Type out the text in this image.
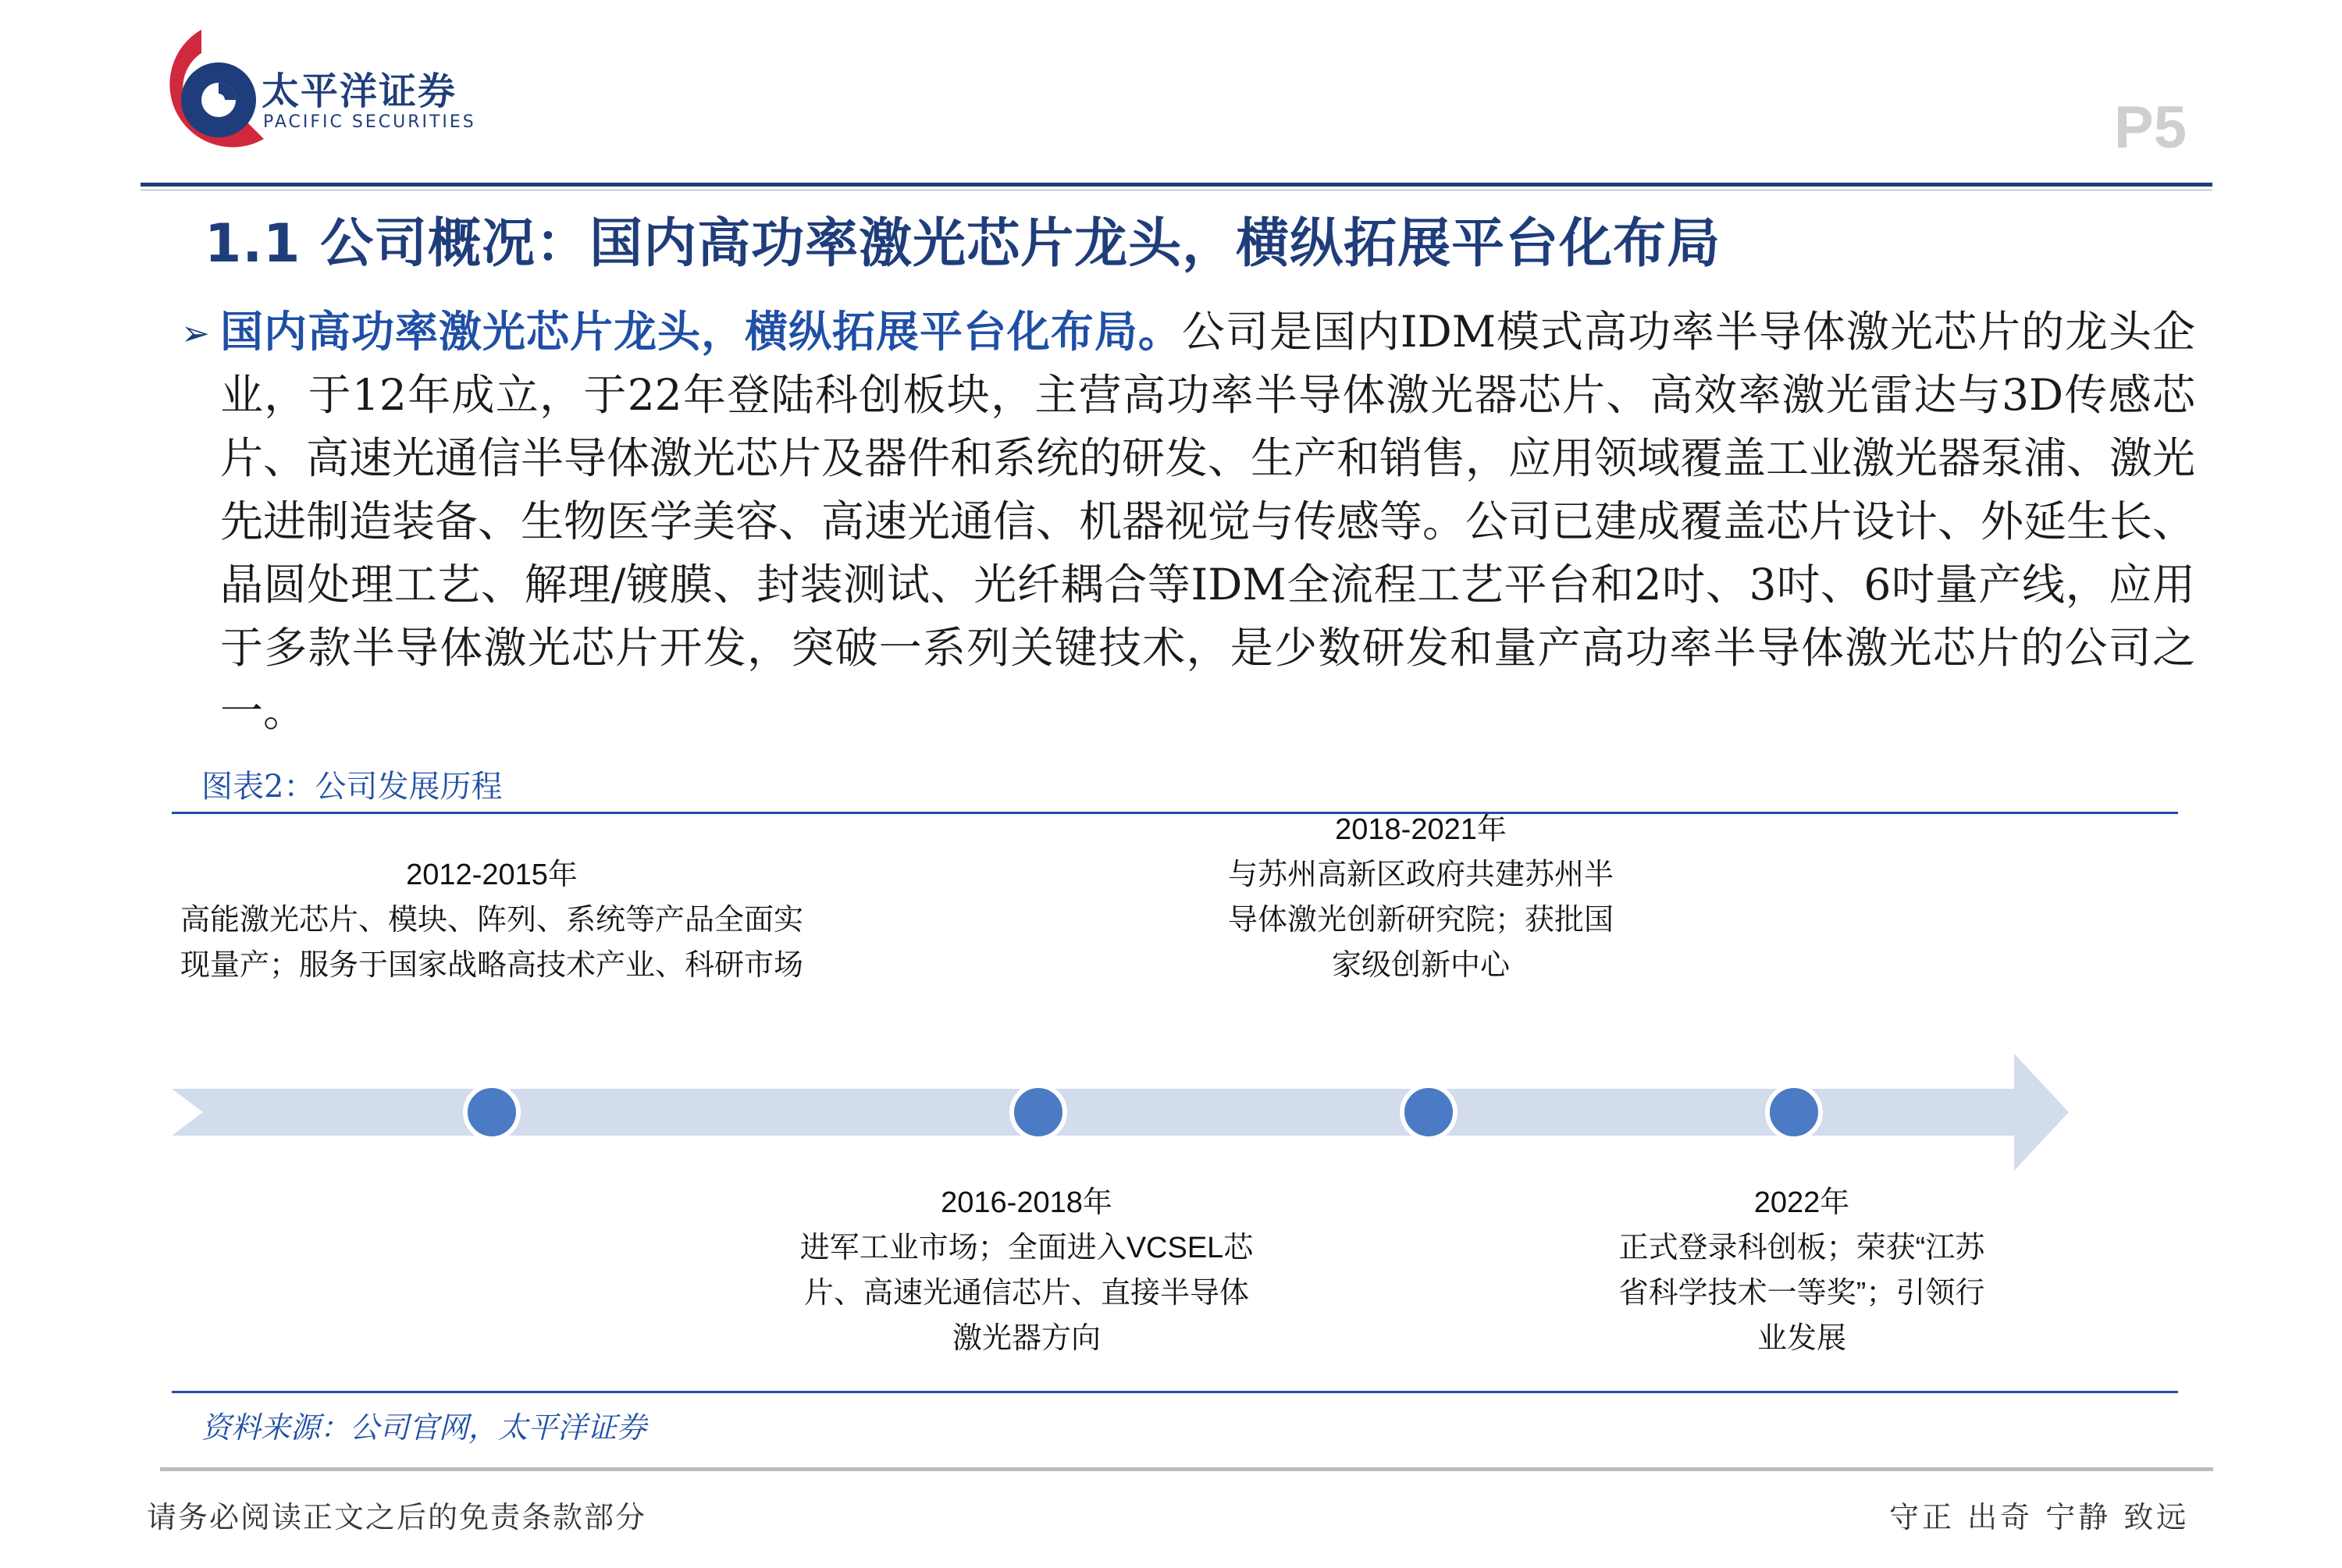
太平洋证券
PACIFIC SECURITIES	P5
1.1 公司概况：国内高功率激光芯片龙头，横纵拓展平台化布局
➢ 国内高功率激光芯片龙头，横纵拓展平台化布局。公司是国内IDM模式高功率半导体激光芯片的龙头企业，于12年成立，于22年登陆科创板块，主营高功率半导体激光器芯片、高效率激光雷达与3D传感芯片、高速光通信半导体激光芯片及器件和系统的研发、生产和销售，应用领域覆盖工业激光器泵浦、激光先进制造装备、生物医学美容、高速光通信、机器视觉与传感等。公司已建成覆盖芯片设计、外延生长、晶圆处理工艺、解理/镀膜、封装测试、光纤耦合等IDM全流程工艺平台和2吋、3吋、6吋量产线，应用于多款半导体激光芯片开发，突破一系列关键技术，是少数研发和量产高功率半导体激光芯片的公司之一。
图表2：公司发展历程
2012-2015年
高能激光芯片、模块、阵列、系统等产品全面实现量产；服务于国家战略高技术产业、科研市场
2016-2018年
进军工业市场；全面进入VCSEL芯片、高速光通信芯片、直接半导体激光器方向
2018-2021年
与苏州高新区政府共建苏州半导体激光创新研究院；获批国家级创新中心
2022年
正式登录科创板；荣获“江苏省科学技术一等奖”；引领行业发展
资料来源：公司官网，太平洋证券
请务必阅读正文之后的免责条款部分	守正 出奇 宁静 致远
